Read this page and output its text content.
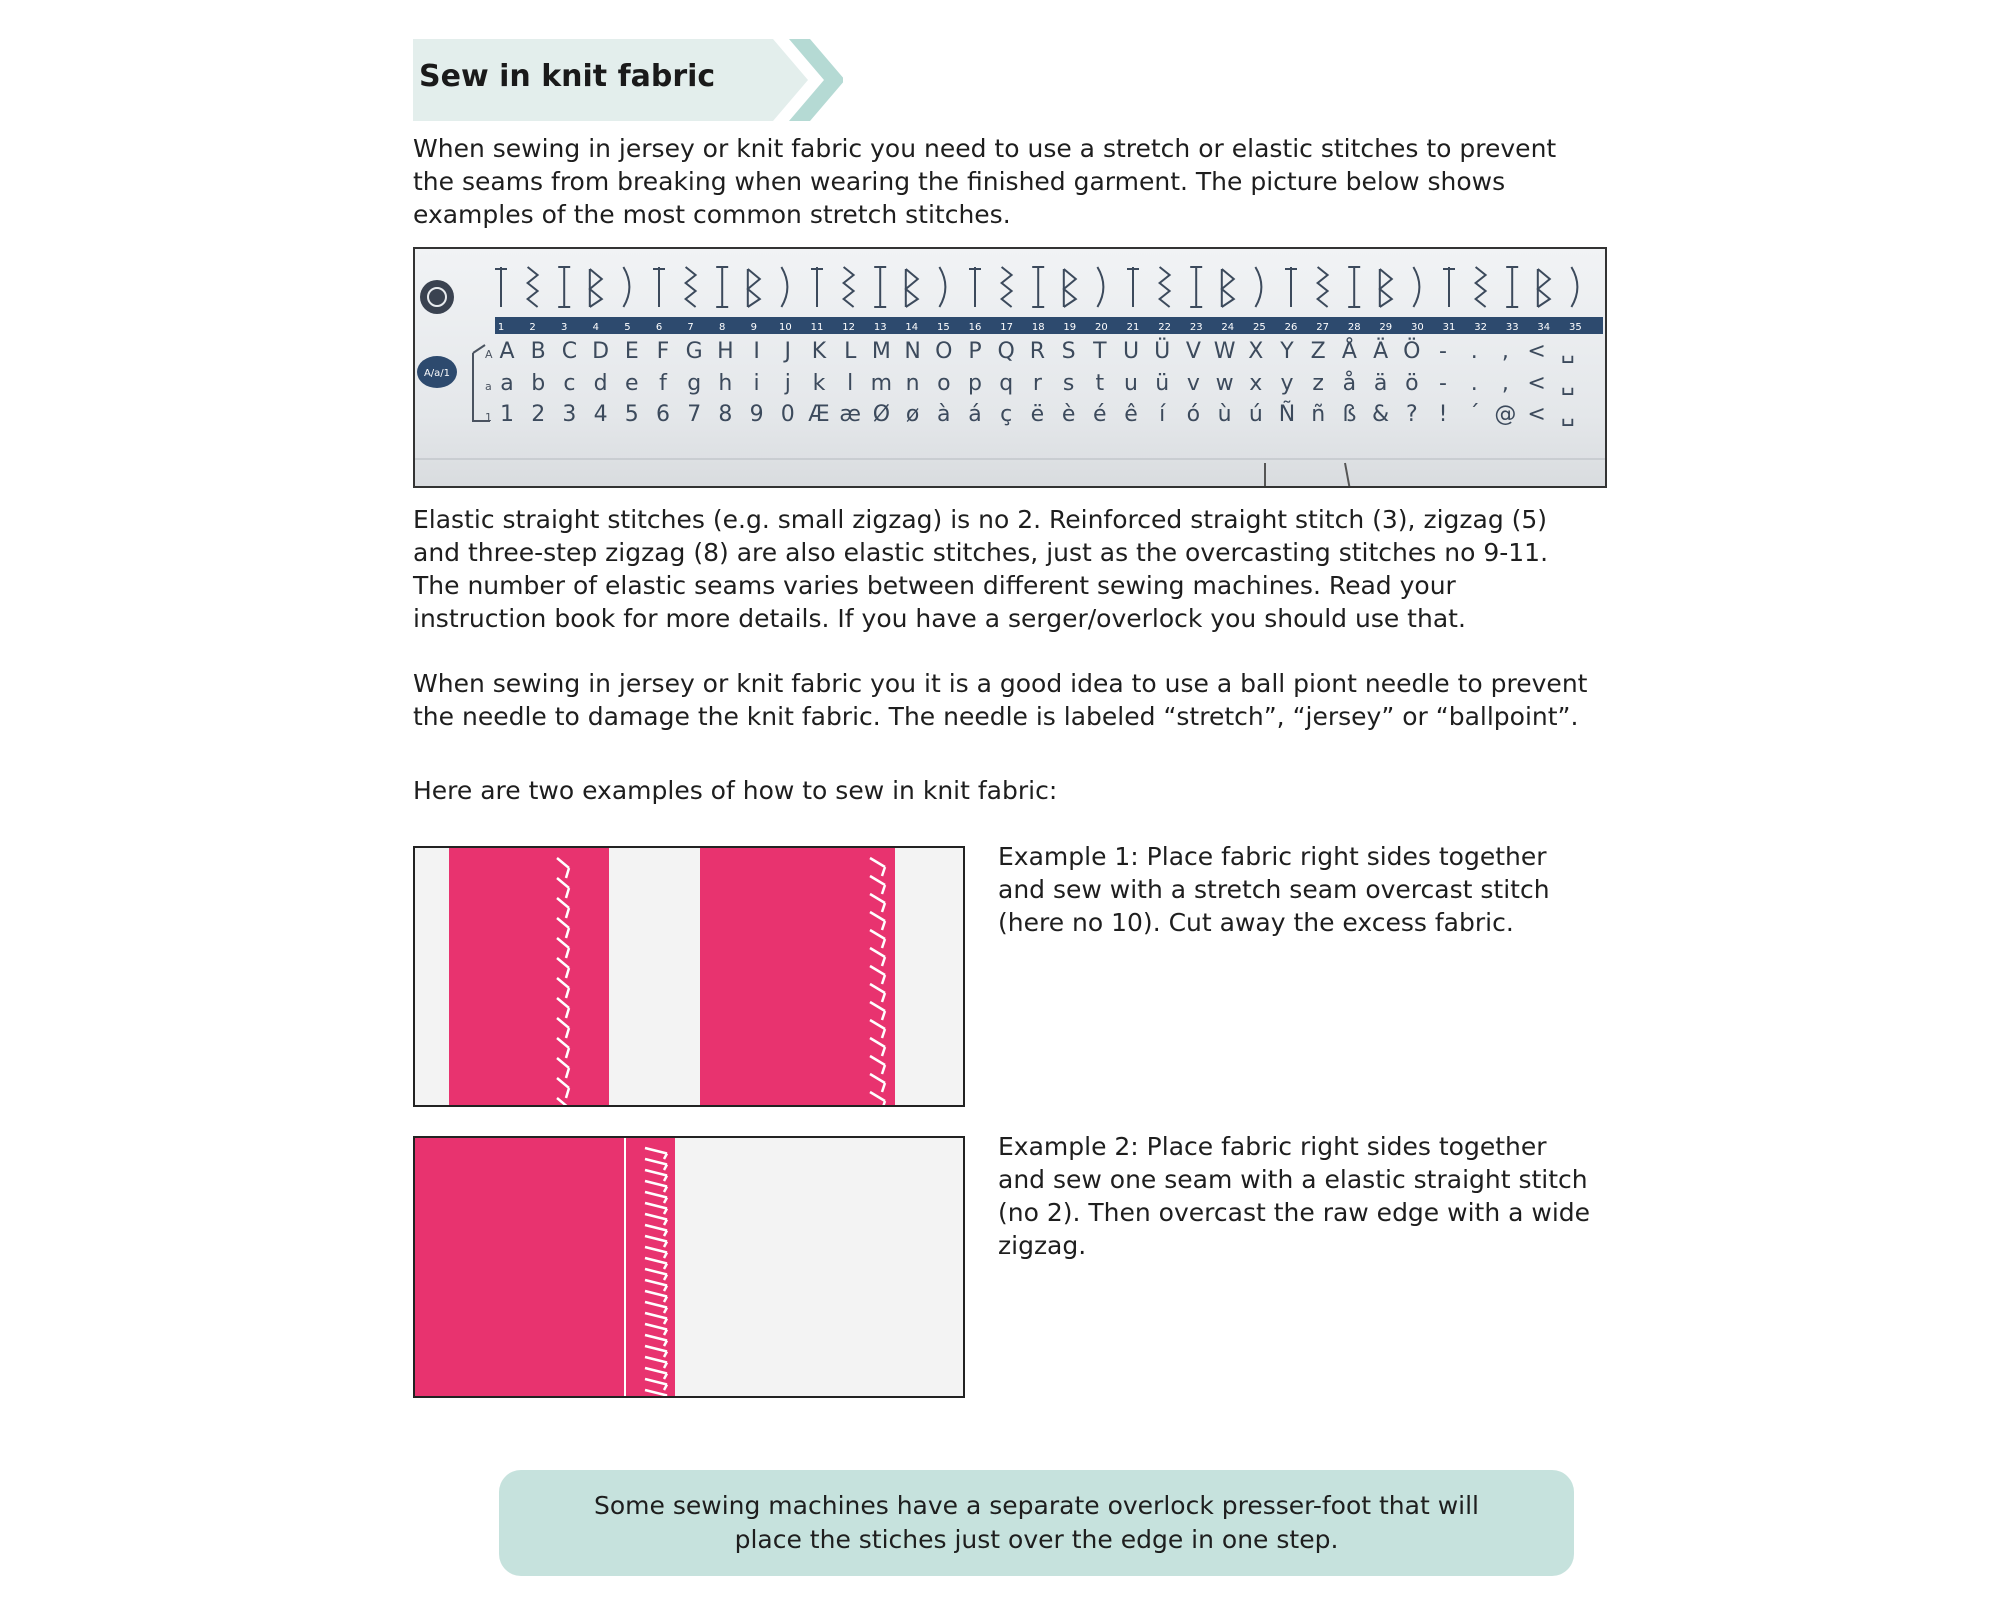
Sew in knit fabric

When sewing in jersey or knit fabric you need to use a stretch or elastic stitches to prevent the seams from breaking when wearing the finished garment. The picture below shows examples of the most common stretch stitches.

1	2	3	4	5	6	7	8	9 10 11 12 13 14 15 16 17 18 19 20 21 22 23 24 25 26 27 28 29 30 31 32 33 34 35
A/a/1
A
a
1
A B C D E F G H I J K L M N O P Q R S T U Ü V W X Y Z Å Ä Ö - . , < ␣
a b c d e f g h i j k l m n o p q r s t u ü v w x y z å ä ö - . , < ␣
1 2 3 4 5 6 7 8 9 0 Æ æ Ø ø à á ç ë è é ê í ó ù ú Ñ ñ ß & ? ! ´ @ < ␣

Elastic straight stitches (e.g. small zigzag) is no 2. Reinforced straight stitch (3), zigzag (5) and three-step zigzag (8) are also elastic stitches, just as the overcasting stitches no 9-11. The number of elastic seams varies between different sewing machines. Read your instruction book for more details. If you have a serger/overlock you should use that.

When sewing in jersey or knit fabric you it is a good idea to use a ball piont needle to prevent the needle to damage the knit fabric. The needle is labeled “stretch”, “jersey” or “ballpoint”.

Here are two examples of how to sew in knit fabric:

Example 1: Place fabric right sides together and sew with a stretch seam overcast stitch (here no 10). Cut away the excess fabric.

Example 2: Place fabric right sides together and sew one seam with a elastic straight stitch (no 2). Then overcast the raw edge with a wide zigzag.

Some sewing machines have a separate overlock presser-foot that will place the stiches just over the edge in one step.
